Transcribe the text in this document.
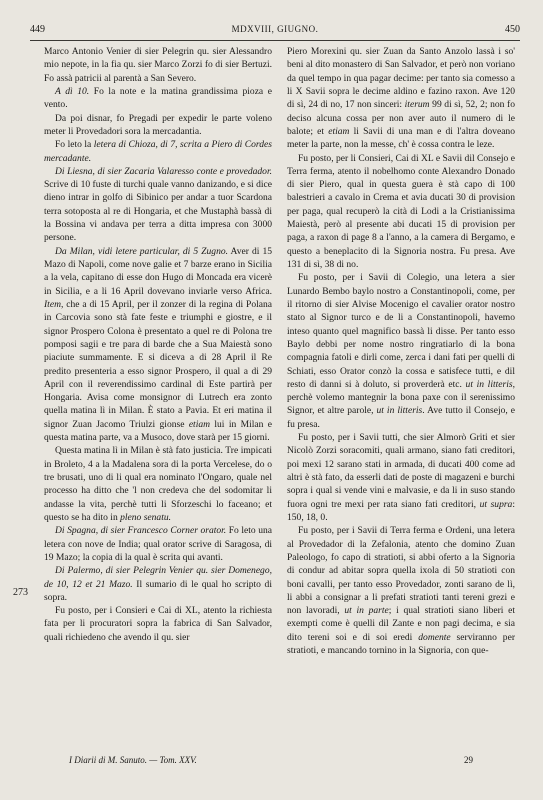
449	MDXVIII, GIUGNO.	450
273

Marco Antonio Venier di sier Pelegrin qu. sier Alessandro mio nepote, in la fia qu. sier Marco Zorzi fo di sier Bertuzi. Fo assà patricii al parentà a San Severo.

A dì 10. Fo la note e la matina grandissima pioza e vento.

Da poi disnar, fo Pregadi per expedir le parte voleno meter li Provedadori sora la mercadantia.

Fo leto la letera di Chioza, di 7, scrita a Piero di Cordes mercadante.

Di Liesna, di sier Zacaria Valaresso conte e provedador. Scrive di 10 fuste di turchi quale vanno danizando, e si dice dieno intrar in golfo di Sibinico per andar a tuor Scardona terra sotoposta al re di Hongaria, et che Mustaphà bassà di la Bossina vi andava per terra a ditta impresa con 3000 persone.

Da Milan, vidi letere particular, di 5 Zugno. Aver di 15 Mazo di Napoli, come nove galie et 7 barze erano in Sicilia a la vela, capitano di esse don Hugo di Moncada era vicerè in Sicilia, e a li 16 April dovevano inviarle verso Africa. Item, che a di 15 April, per il zonzer di la regina di Polana in Carcovia sono stà fate feste e triumphi e giostre, e il signor Prospero Colona è presentato a quel re di Polona tre pomposi sagii e tre para di barde che a Sua Maiestà sono piaciute summamente. E si diceva a di 28 April il Re predito presenteria a esso signor Prospero, il qual a di 29 April con il reverendissimo cardinal di Este partirà per Hongaria. Avisa come monsignor di Lutrech era zonto quella matina lì in Milan. È stato a Pavia. Et eri matina il signor Zuan Jacomo Triulzi gionse etiam lui in Milan e questa matina parte, va a Musoco, dove starà per 15 giorni.

Questa matina lì in Milan è stà fato justicia. Tre impicati in Broleto, 4 a la Madalena sora di la porta Vercelese, do o tre brusati, uno di li qual era nominato l'Ongaro, quale nel processo ha ditto che 'l non credeva che del sodomitar li andasse la vita, perchè tutti li Sforzeschi lo faceano; et questo se ha dito in pleno senatu.

Di Spagna, di sier Francesco Corner orator. Fo leto una letera con nove de India; qual orator scrive di Saragosa, di 19 Mazo; la copia di la qual è scrita qui avanti.

Di Palermo, di sier Pelegrin Venier qu. sier Domenego, de 10, 12 et 21 Mazo. Il sumario di le qual ho scripto di sopra.

Fu posto, per i Consieri e Cai di XL, atento la richiesta fata per li procuratori sopra la fabrica di San Salvador, quali richiedeno che avendo il qu. sier

Piero Morexini qu. sier Zuan da Santo Anzolo lassà i so' beni al dito monastero di San Salvador, et però non voriano da quel tempo in qua pagar decime: per tanto sia comesso a li X Savii sopra le decime aldino e fazino raxon. Ave 120 di sì, 24 di no, 17 non sinceri: iterum 99 di sì, 52, 2; non fo deciso alcuna cossa per non aver auto il numero di le balote; et etiam li Savii di una man e di l'altra doveano meter la parte, non la messe, ch' è cossa contra le leze.

Fu posto, per li Consieri, Cai di XL e Savii dil Consejo e Terra ferma, atento il nobelhomo conte Alexandro Donado di sier Piero, qual in questa guera è stà capo di 100 balestrieri a cavalo in Crema et avia ducati 30 di provision per paga, qual recuperò la cità di Lodi a la Cristianissima Maiestà, però al presente abi ducati 15 di provision per paga, a raxon di page 8 a l'anno, a la camera di Bergamo, e questo a beneplacito di la Signoria nostra. Fu presa. Ave 131 di sì, 38 di no.

Fu posto, per i Savii di Colegio, una letera a sier Lunardo Bembo baylo nostro a Constantinopoli, come, per il ritorno di sier Alvise Mocenigo el cavalier orator nostro stato al Signor turco e de li a Constantinopoli, havemo inteso quanto quel magnifico bassà li disse. Per tanto esso Baylo debbi per nome nostro ringratiarlo di la bona compagnia fatoli e dirli come, zerca i dani fati per quelli di Schiati, esso Orator conzò la cossa e satisfece tutti, e dil resto di danni si à doluto, si proverderà etc. ut in litteris, perchè volemo mantegnir la bona paxe con il serenissimo Signor, et altre parole, ut in litteris. Ave tutto il Consejo, e fu presa.

Fu posto, per i Savii tutti, che sier Almorò Griti et sier Nicolò Zorzi soracomiti, quali armano, siano fati creditori, poi mexi 12 sarano stati in armada, di ducati 400 come ad altri è stà fato, da esserli dati de poste di magazeni e burchi sopra i qual si vende vini e malvasie, e da li in suso stando fuora ogni tre mexi per rata siano fati creditori, ut supra: 150, 18, 0.

Fu posto, per i Savii di Terra ferma e Ordeni, una letera al Provedador di la Zefalonia, atento che domino Zuan Paleologo, fo capo di stratioti, si abbi oferto a la Signoria di condur ad abitar sopra quella ixola di 50 stratioti con boni cavalli, per tanto esso Provedador, zonti sarano de lì, li abbi a consignar a li prefati stratioti tanti tereni grezi e non lavoradi, ut in parte; i qual stratioti siano liberi et exempti come è quelli dil Zante e non pagi decima, e sia dito tereni soi e di soi eredi domente serviranno per stratioti, e mancando tornino in la Signoria, con que-

I Diarii di M. Sanuto. — Tom. XXV.	29
